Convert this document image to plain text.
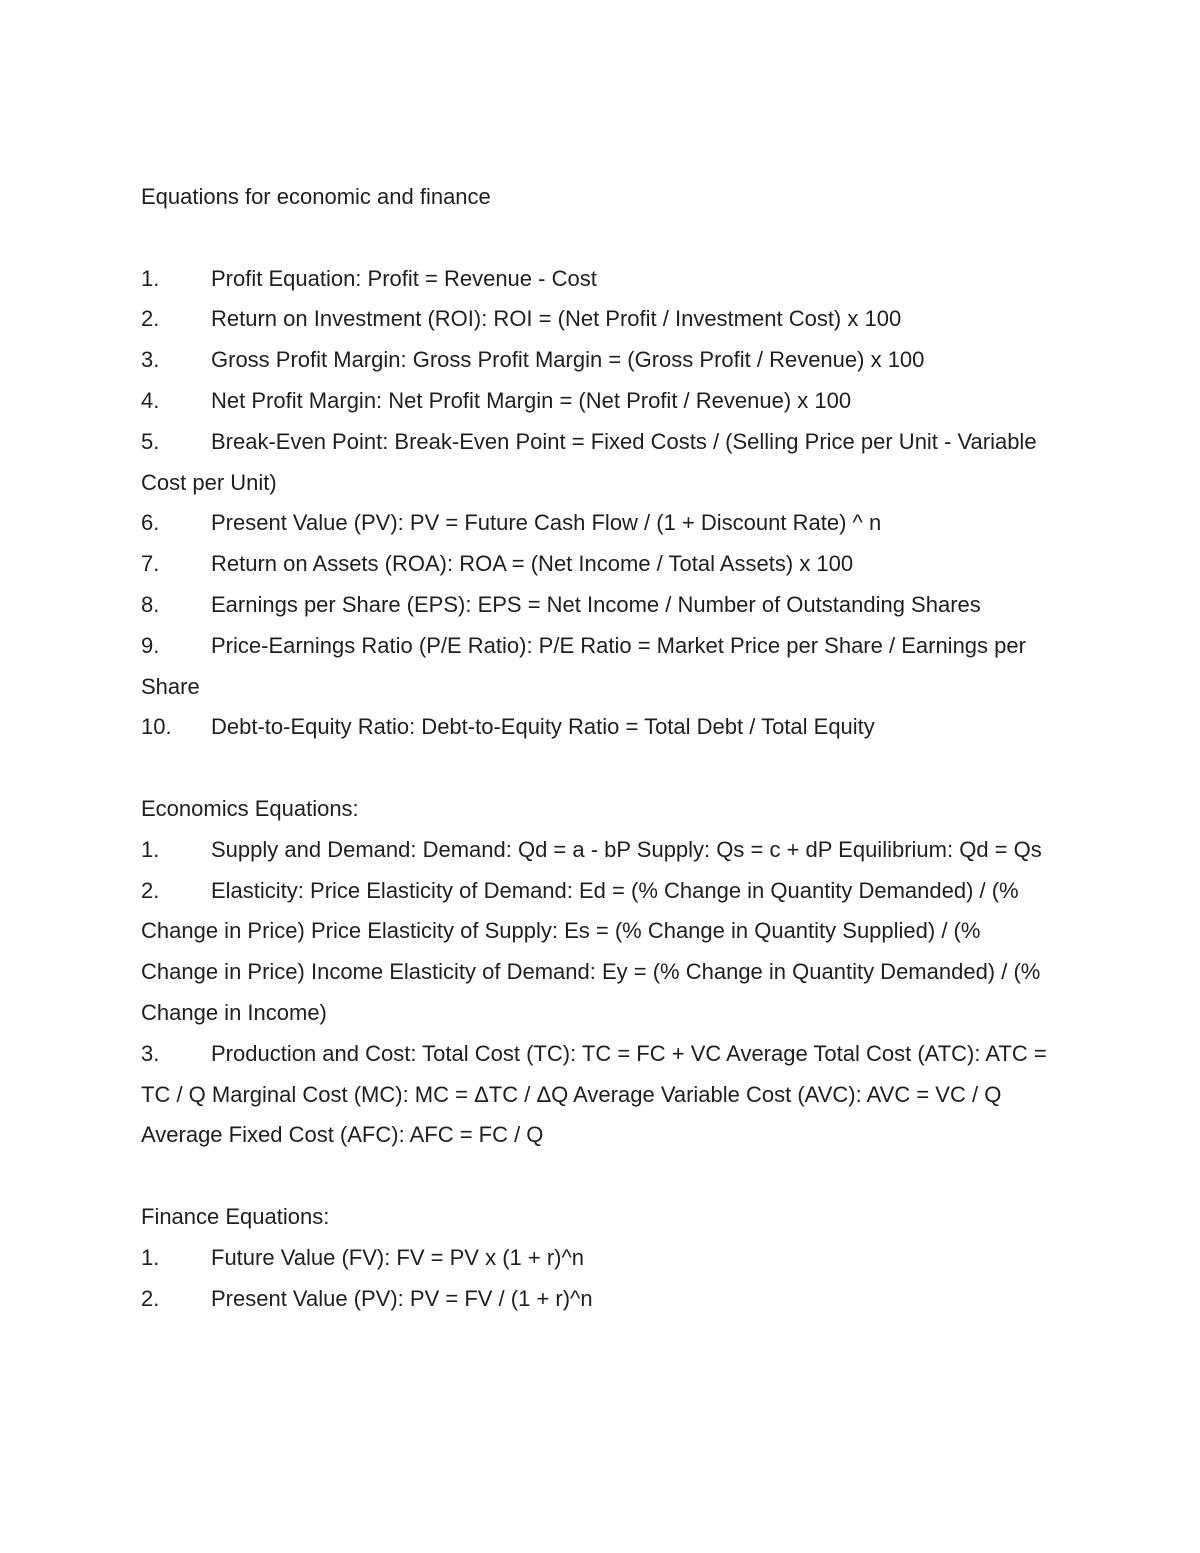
Equations for economic and finance

1. Profit Equation: Profit = Revenue - Cost

2. Return on Investment (ROI): ROI = (Net Profit / Investment Cost) x 100

3. Gross Profit Margin: Gross Profit Margin = (Gross Profit / Revenue) x 100

4. Net Profit Margin: Net Profit Margin = (Net Profit / Revenue) x 100

5. Break-Even Point: Break-Even Point = Fixed Costs / (Selling Price per Unit - Variable Cost per Unit)

6. Present Value (PV): PV = Future Cash Flow / (1 + Discount Rate) ^ n

7. Return on Assets (ROA): ROA = (Net Income / Total Assets) x 100

8. Earnings per Share (EPS): EPS = Net Income / Number of Outstanding Shares

9. Price-Earnings Ratio (P/E Ratio): P/E Ratio = Market Price per Share / Earnings per Share

10. Debt-to-Equity Ratio: Debt-to-Equity Ratio = Total Debt / Total Equity

Economics Equations:

1. Supply and Demand: Demand: Qd = a - bP Supply: Qs = c + dP Equilibrium: Qd = Qs

2. Elasticity: Price Elasticity of Demand: Ed = (% Change in Quantity Demanded) / (% Change in Price) Price Elasticity of Supply: Es = (% Change in Quantity Supplied) / (% Change in Price) Income Elasticity of Demand: Ey = (% Change in Quantity Demanded) / (% Change in Income)

3. Production and Cost: Total Cost (TC): TC = FC + VC Average Total Cost (ATC): ATC = TC / Q Marginal Cost (MC): MC = ΔTC / ΔQ Average Variable Cost (AVC): AVC = VC / Q Average Fixed Cost (AFC): AFC = FC / Q

Finance Equations:

1. Future Value (FV): FV = PV x (1 + r)^n

2. Present Value (PV): PV = FV / (1 + r)^n
